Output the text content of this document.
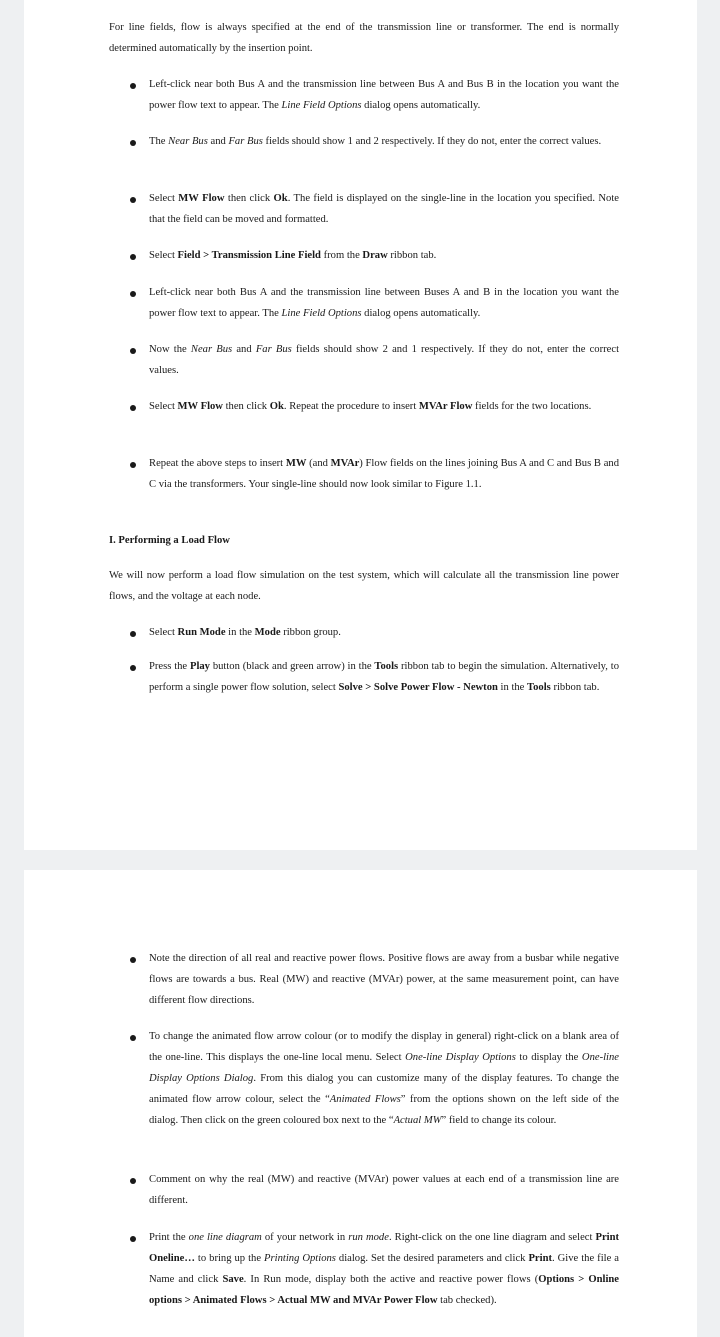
For line fields, flow is always specified at the end of the transmission line or transformer. The end is normally determined automatically by the insertion point.
Left-click near both Bus A and the transmission line between Bus A and Bus B in the location you want the power flow text to appear. The Line Field Options dialog opens automatically.
The Near Bus and Far Bus fields should show 1 and 2 respectively. If they do not, enter the correct values.
Select MW Flow then click Ok. The field is displayed on the single-line in the location you specified. Note that the field can be moved and formatted.
Select Field > Transmission Line Field from the Draw ribbon tab.
Left-click near both Bus A and the transmission line between Buses A and B in the location you want the power flow text to appear. The Line Field Options dialog opens automatically.
Now the Near Bus and Far Bus fields should show 2 and 1 respectively. If they do not, enter the correct values.
Select MW Flow then click Ok. Repeat the procedure to insert MVAr Flow fields for the two locations.
Repeat the above steps to insert MW (and MVAr) Flow fields on the lines joining Bus A and C and Bus B and C via the transformers. Your single-line should now look similar to Figure 1.1.
I. Performing a Load Flow
We will now perform a load flow simulation on the test system, which will calculate all the transmission line power flows, and the voltage at each node.
Select Run Mode in the Mode ribbon group.
Press the Play button (black and green arrow) in the Tools ribbon tab to begin the simulation. Alternatively, to perform a single power flow solution, select Solve > Solve Power Flow - Newton in the Tools ribbon tab.
Note the direction of all real and reactive power flows. Positive flows are away from a busbar while negative flows are towards a bus. Real (MW) and reactive (MVAr) power, at the same measurement point, can have different flow directions.
To change the animated flow arrow colour (or to modify the display in general) right-click on a blank area of the one-line. This displays the one-line local menu. Select One-line Display Options to display the One-line Display Options Dialog. From this dialog you can customize many of the display features. To change the animated flow arrow colour, select the “Animated Flows” from the options shown on the left side of the dialog. Then click on the green coloured box next to the “Actual MW” field to change its colour.
Comment on why the real (MW) and reactive (MVAr) power values at each end of a transmission line are different.
Print the one line diagram of your network in run mode. Right-click on the one line diagram and select Print Oneline… to bring up the Printing Options dialog. Set the desired parameters and click Print. Give the file a Name and click Save. In Run mode, display both the active and reactive power flows (Options > Online options > Animated Flows > Actual MW and MVAr Power Flow tab checked).
